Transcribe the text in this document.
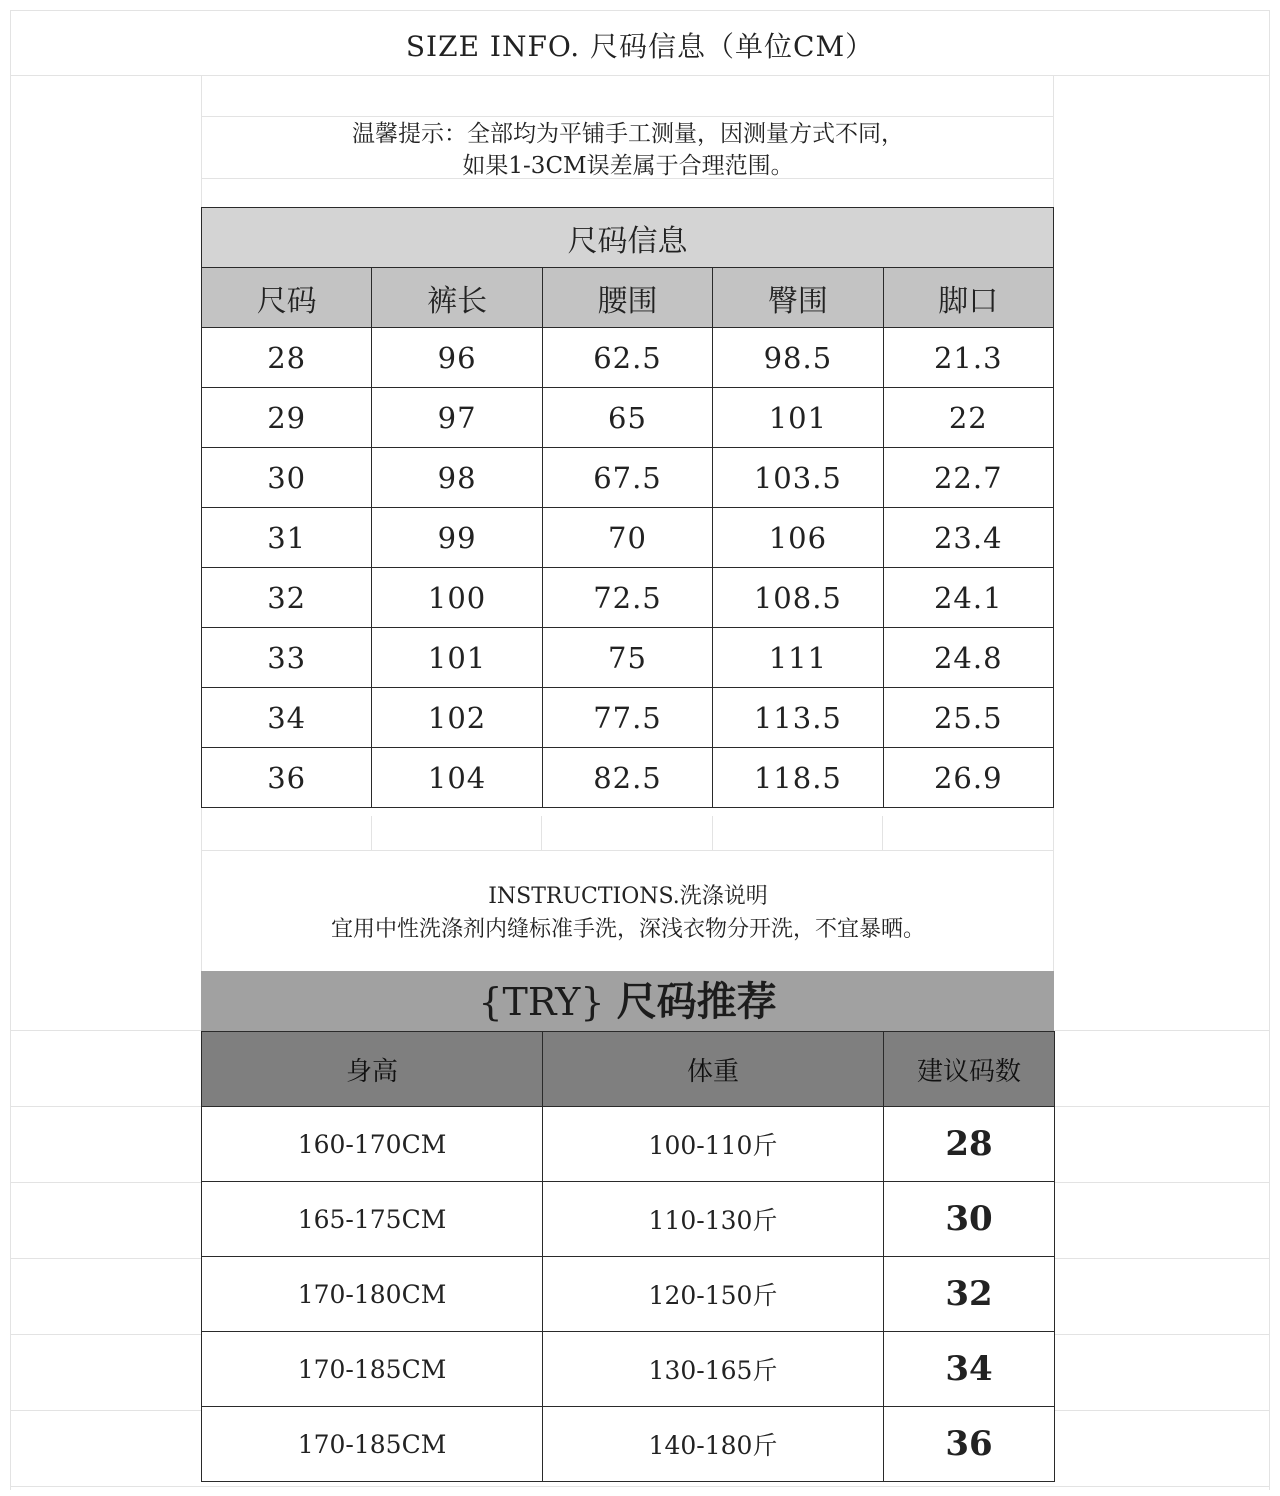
SIZE INFO. 尺码信息（单位CM）
温馨提示：全部均为平铺手工测量，因测量方式不同，
如果1-3CM误差属于合理范围。
尺码信息				
尺码	裤长	腰围	臀围	脚口
28	96	62.5	98.5	21.3
29	97	65	101	22
30	98	67.5	103.5	22.7
31	99	70	106	23.4
32	100	72.5	108.5	24.1
33	101	75	111	24.8
34	102	77.5	113.5	25.5
36	104	82.5	118.5	26.9
INSTRUCTIONS.洗涤说明
宜用中性洗涤剂内缝标准手洗，深浅衣物分开洗，不宜暴晒。
{TRY} 尺码推荐
身高	体重	建议码数
160-170CM	100-110斤	28
165-175CM	110-130斤	30
170-180CM	120-150斤	32
170-185CM	130-165斤	34
170-185CM	140-180斤	36
